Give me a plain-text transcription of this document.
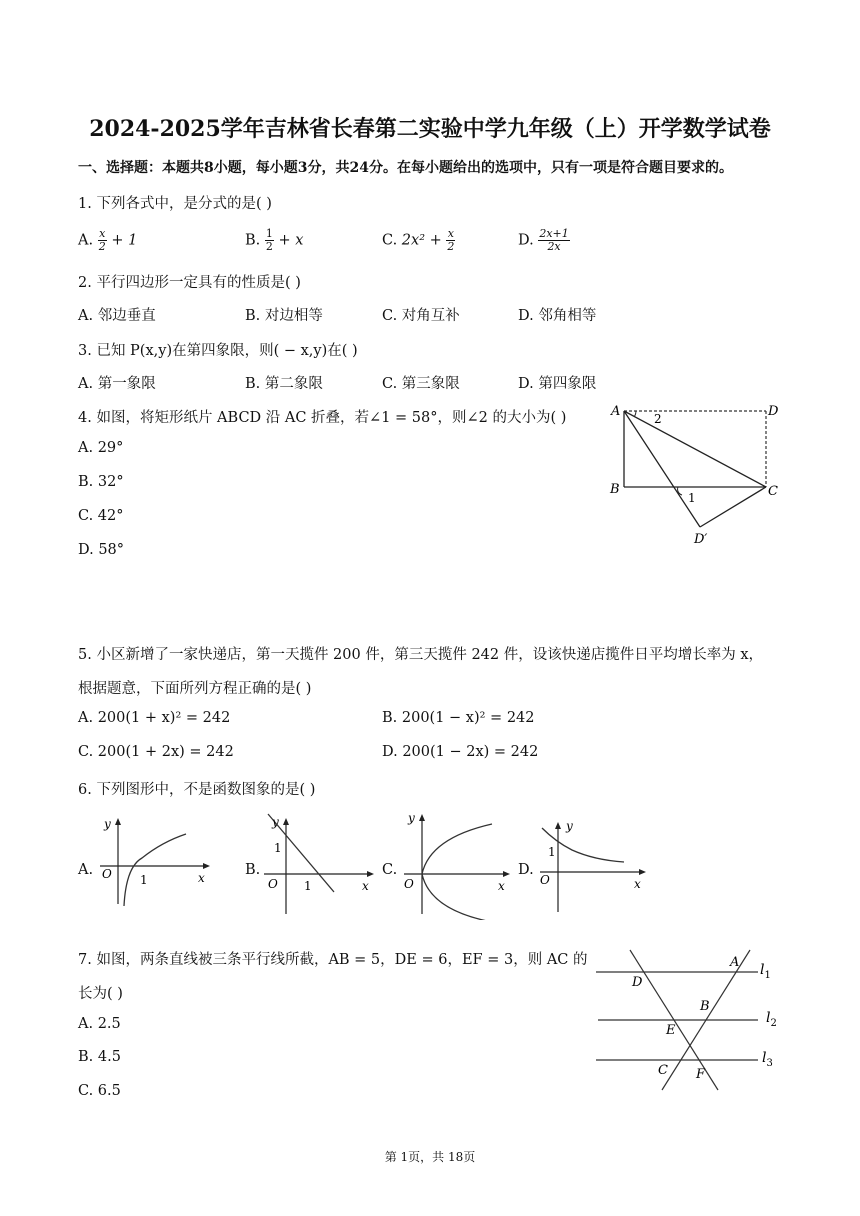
2024-2025学年吉林省长春第二实验中学九年级（上）开学数学试卷
一、选择题：本题共8小题，每小题3分，共24分。在每小题给出的选项中，只有一项是符合题目要求的。
1. 下列各式中，是分式的是( )
A. $\frac{x}{2} + 1$	B. $\frac{1}{2} + x$	C. $2x^2 + \frac{x}{2}$	D. $\frac{2x+1}{2x}$
2. 平行四边形一定具有的性质是( )
A. 邻边垂直	B. 对边相等	C. 对角互补	D. 邻角相等
3. 已知 P(x,y)在第四象限，则( − x,y)在( )
A. 第一象限	B. 第二象限	C. 第三象限	D. 第四象限
4. 如图，将矩形纸片 ABCD 沿 AC 折叠，若∠1 = 58°，则∠2 的大小为( )
A. 29°
B. 32°
C. 42°
D. 58°
A	D
B	C
D′
1
2
5. 小区新增了一家快递店，第一天揽件 200 件，第三天揽件 242 件，设该快递店揽件日平均增长率为 x，
根据题意，下面所列方程正确的是( )
A. 200(1 + x)² = 242	B. 200(1 − x)² = 242
C. 200(1 + 2x) = 242	D. 200(1 − 2x) = 242
6. 下列图形中，不是函数图象的是( )
A.
y
x
O 1
B.
y
x
O
1
1
C.
y
x
O
D.
y
x
O
1
7. 如图，两条直线被三条平行线所截，AB = 5，DE = 6，EF = 3，则 AC 的
长为( )
A. 2.5
B. 4.5
C. 6.5
A
D
B
E
C F
$l_1$
$l_2$
$l_3$
第 1页，共 18页
